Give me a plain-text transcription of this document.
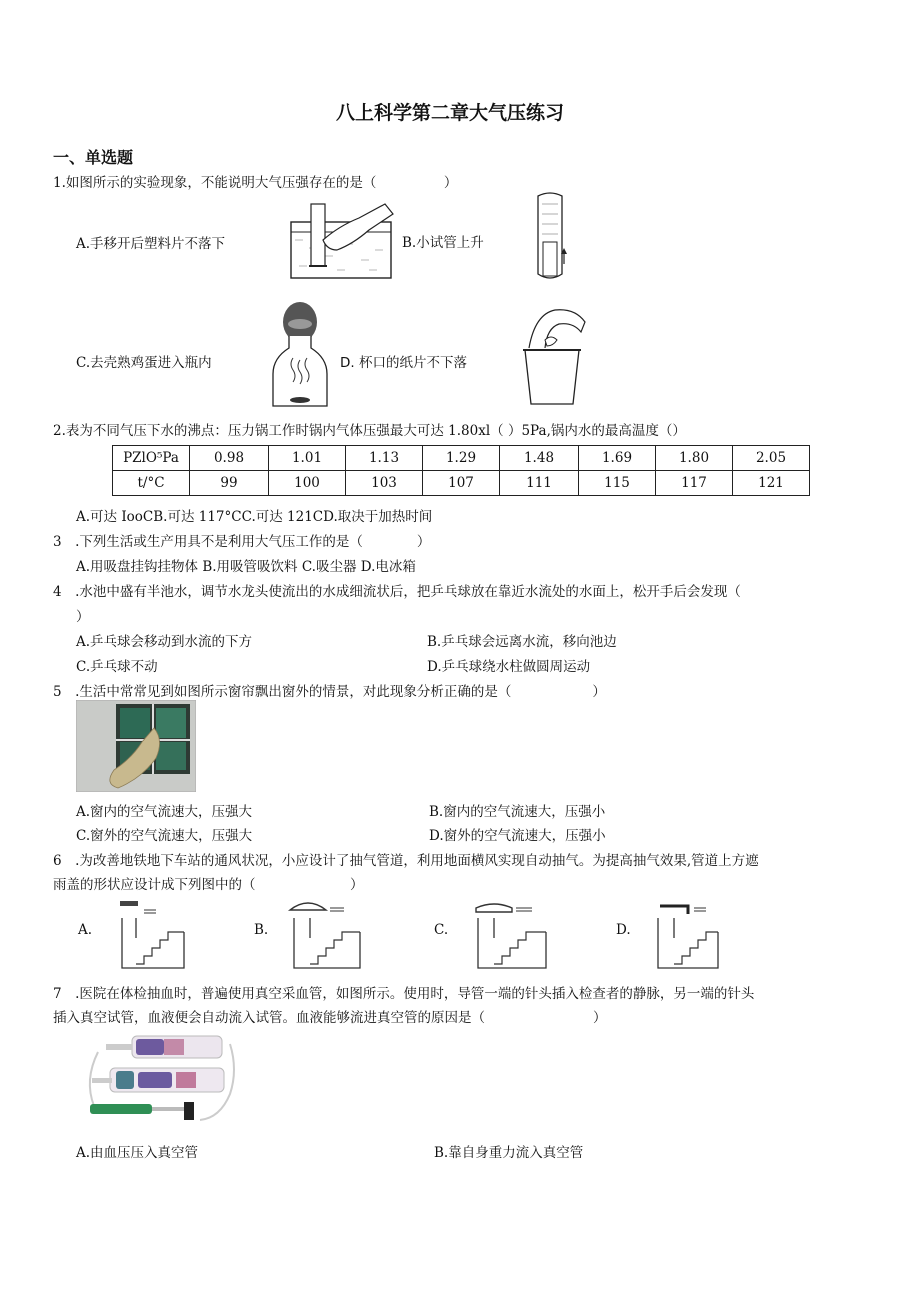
八上科学第二章大气压练习
一、单选题
1.如图所示的实验现象，不能说明大气压强存在的是（　　　　　）
A.手移开后塑料片不落下	B.小试管上升
C.去壳熟鸡蛋进入瓶内	D. 杯口的纸片不下落
2.表为不同气压下水的沸点：压力锅工作时锅内气体压强最大可达 1.80xl（ ）5Pa,锅内水的最高温度（）
PZlO⁵Pa	0.98	1.01	1.13	1.29	1.48	1.69	1.80	2.05
t/°C	99	100	103	107	111	115	117	121
A.可达 IooCB.可达 117°CC.可达 121CD.取决于加热时间
3　.下列生活或生产用具不是利用大气压工作的是（　　　　）
A.用吸盘挂钩挂物体 B.用吸管吸饮料 C.吸尘器 D.电冰箱
4　.水池中盛有半池水，调节水龙头使流出的水成细流状后，把乒乓球放在靠近水流处的水面上，松开手后会发现（
）
A.乒乓球会移动到水流的下方	B.乒乓球会远离水流，移向池边
C.乒乓球不动	D.乒乓球绕水柱做圆周运动
5　.生活中常常见到如图所示窗帘飘出窗外的情景，对此现象分析正确的是（　　　　　　）
A.窗内的空气流速大，压强大	B.窗内的空气流速大，压强小
C.窗外的空气流速大，压强大	D.窗外的空气流速大，压强小
6　.为改善地铁地下车站的通风状况，小应设计了抽气管道，利用地面横风实现自动抽气。为提高抽气效果,管道上方遮
雨盖的形状应设计成下列图中的（　　　　　　　）
A.	B.	C.	D.
7　.医院在体检抽血时，普遍使用真空采血管，如图所示。使用时，导管一端的针头插入检查者的静脉，另一端的针头
插入真空试管，血液便会自动流入试管。血液能够流进真空管的原因是（　　　　　　　　）
A.由血压压入真空管	B.靠自身重力流入真空管
